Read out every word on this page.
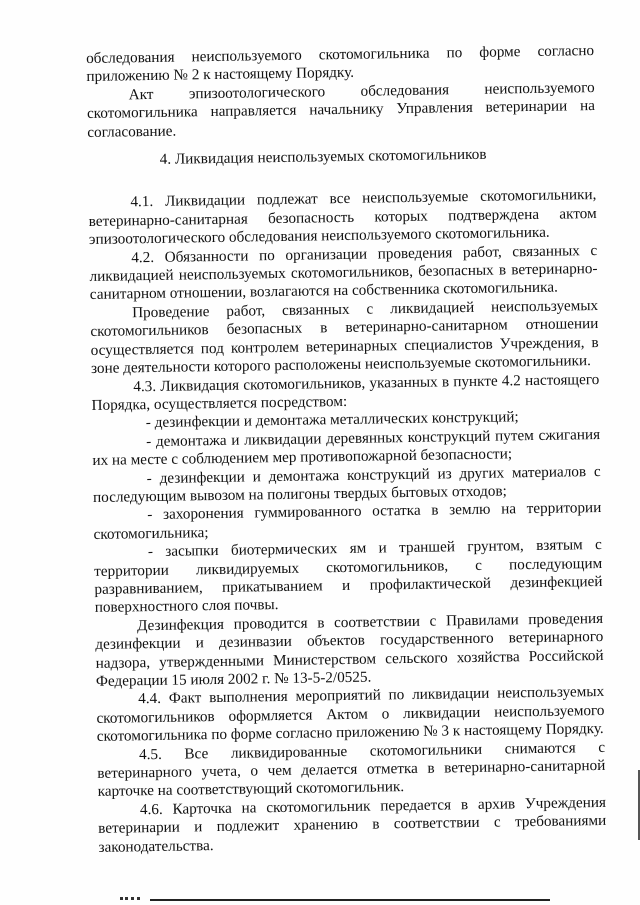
обследования неиспользуемого скотомогильника по форме согласно приложению № 2 к настоящему Порядку.

Акт эпизоотологического обследования неиспользуемого скотомогильника направляется начальнику Управления ветеринарии на согласование.

4. Ликвидация неиспользуемых скотомогильников

4.1. Ликвидации подлежат все неиспользуемые скотомогильники, ветеринарно-санитарная безопасность которых подтверждена актом эпизоотологического обследования неиспользуемого скотомогильника.

4.2. Обязанности по организации проведения работ, связанных с ликвидацией неиспользуемых скотомогильников, безопасных в ветеринарно-санитарном отношении, возлагаются на собственника скотомогильника.

Проведение работ, связанных с ликвидацией неиспользуемых скотомогильников безопасных в ветеринарно-санитарном отношении осуществляется под контролем ветеринарных специалистов Учреждения, в зоне деятельности которого расположены неиспользуемые скотомогильники.

4.3. Ликвидация скотомогильников, указанных в пункте 4.2 настоящего Порядка, осуществляется посредством:

- дезинфекции и демонтажа металлических конструкций;

- демонтажа и ликвидации деревянных конструкций путем сжигания их на месте с соблюдением мер противопожарной безопасности;

- дезинфекции и демонтажа конструкций из других материалов с последующим вывозом на полигоны твердых бытовых отходов;

- захоронения гуммированного остатка в землю на территории скотомогильника;

- засыпки биотермических ям и траншей грунтом, взятым с территории ликвидируемых скотомогильников, с последующим разравниванием, прикатыванием и профилактической дезинфекцией поверхностного слоя почвы.

Дезинфекция проводится в соответствии с Правилами проведения дезинфекции и дезинвазии объектов государственного ветеринарного надзора, утвержденными Министерством сельского хозяйства Российской Федерации 15 июля 2002 г. № 13-5-2/0525.

4.4. Факт выполнения мероприятий по ликвидации неиспользуемых скотомогильников оформляется Актом о ликвидации неиспользуемого скотомогильника по форме согласно приложению № 3 к настоящему Порядку.

4.5. Все ликвидированные скотомогильники снимаются с ветеринарного учета, о чем делается отметка в ветеринарно-санитарной карточке на соответствующий скотомогильник.

4.6. Карточка на скотомогильник передается в архив Учреждения ветеринарии и подлежит хранению в соответствии с требованиями законодательства.
